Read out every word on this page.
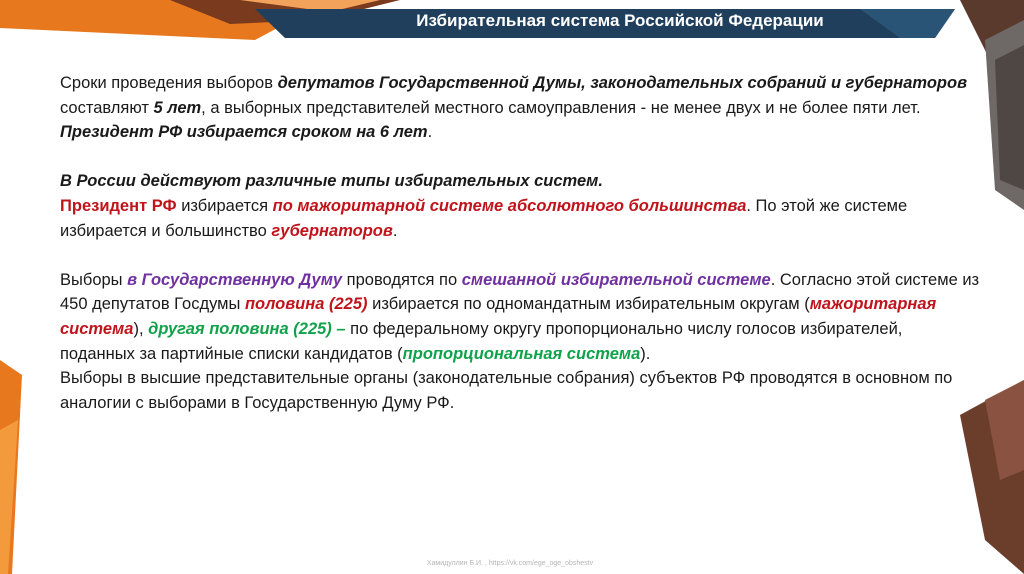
Избирательная система Российской Федерации

Сроки проведения выборов депутатов Государственной Думы, законодательных собраний и губернаторов составляют 5 лет, а выборных представителей местного самоуправления - не менее двух и не более пяти лет. Президент РФ избирается сроком на 6 лет.

В России действуют различные типы избирательных систем.

Президент РФ избирается по мажоритарной системе абсолютного большинства. По этой же системе избирается и большинство губернаторов.

Выборы в Государственную Думу проводятся по смешанной избирательной системе. Согласно этой системе из 450 депутатов Госдумы половина (225) избирается по одномандатным избирательным округам (мажоритарная система), другая половина (225) – по федеральному округу пропорционально числу голосов избирателей, поданных за партийные списки кандидатов (пропорциональная система).

Выборы в высшие представительные органы (законодательные собрания) субъектов РФ проводятся в основном по аналогии с выборами в Государственную Думу РФ.

Хамидуллин Б.И. , https://vk.com/ege_oge_obshestv
